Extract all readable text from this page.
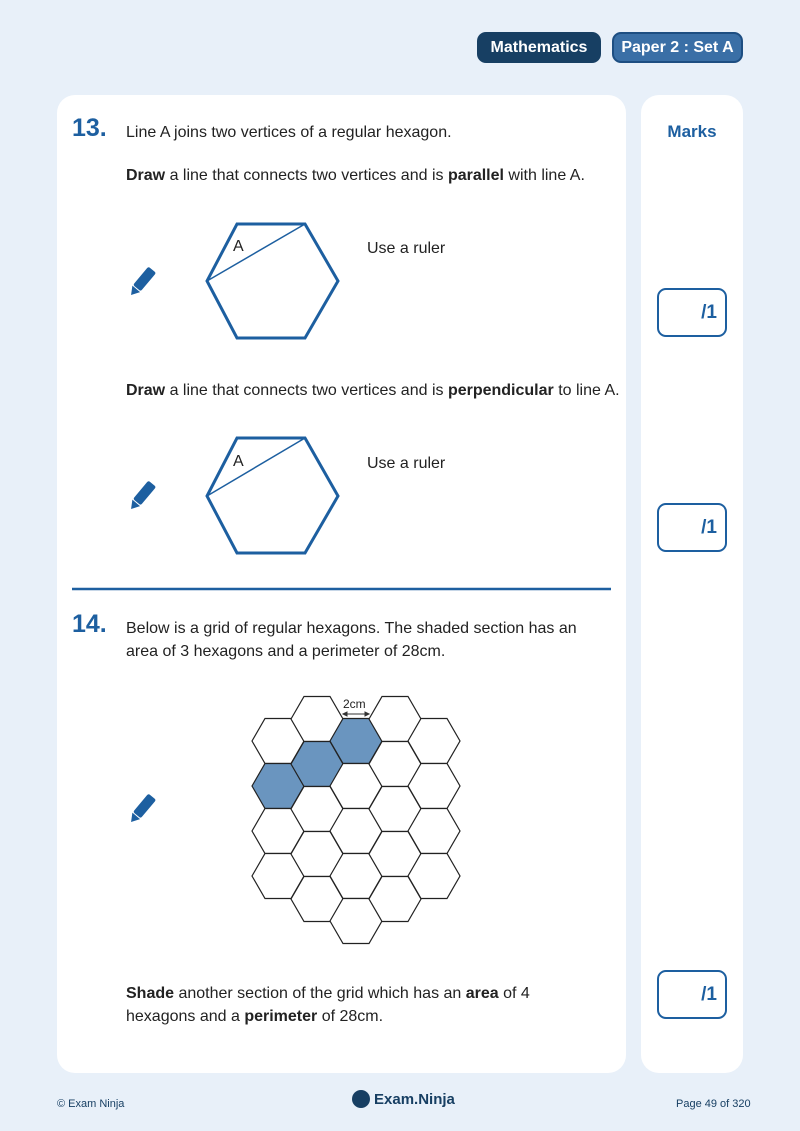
Mathematics	Paper 2 : Set A
Marks
/1
/1
/1
13. Line A joins two vertices of a regular hexagon.
Draw a line that connects two vertices and is parallel with line A.
Draw a line that connects two vertices and is perpendicular to line A.
A
A
Use a ruler
Use a ruler
14. Below is a grid of regular hexagons. The shaded section has an area of 3 hexagons and a perimeter of 28cm.
2cm
Shade another section of the grid which has an area of 4 hexagons and a perimeter of 28cm.
© Exam Ninja	Exam.Ninja	Page 49 of 320
